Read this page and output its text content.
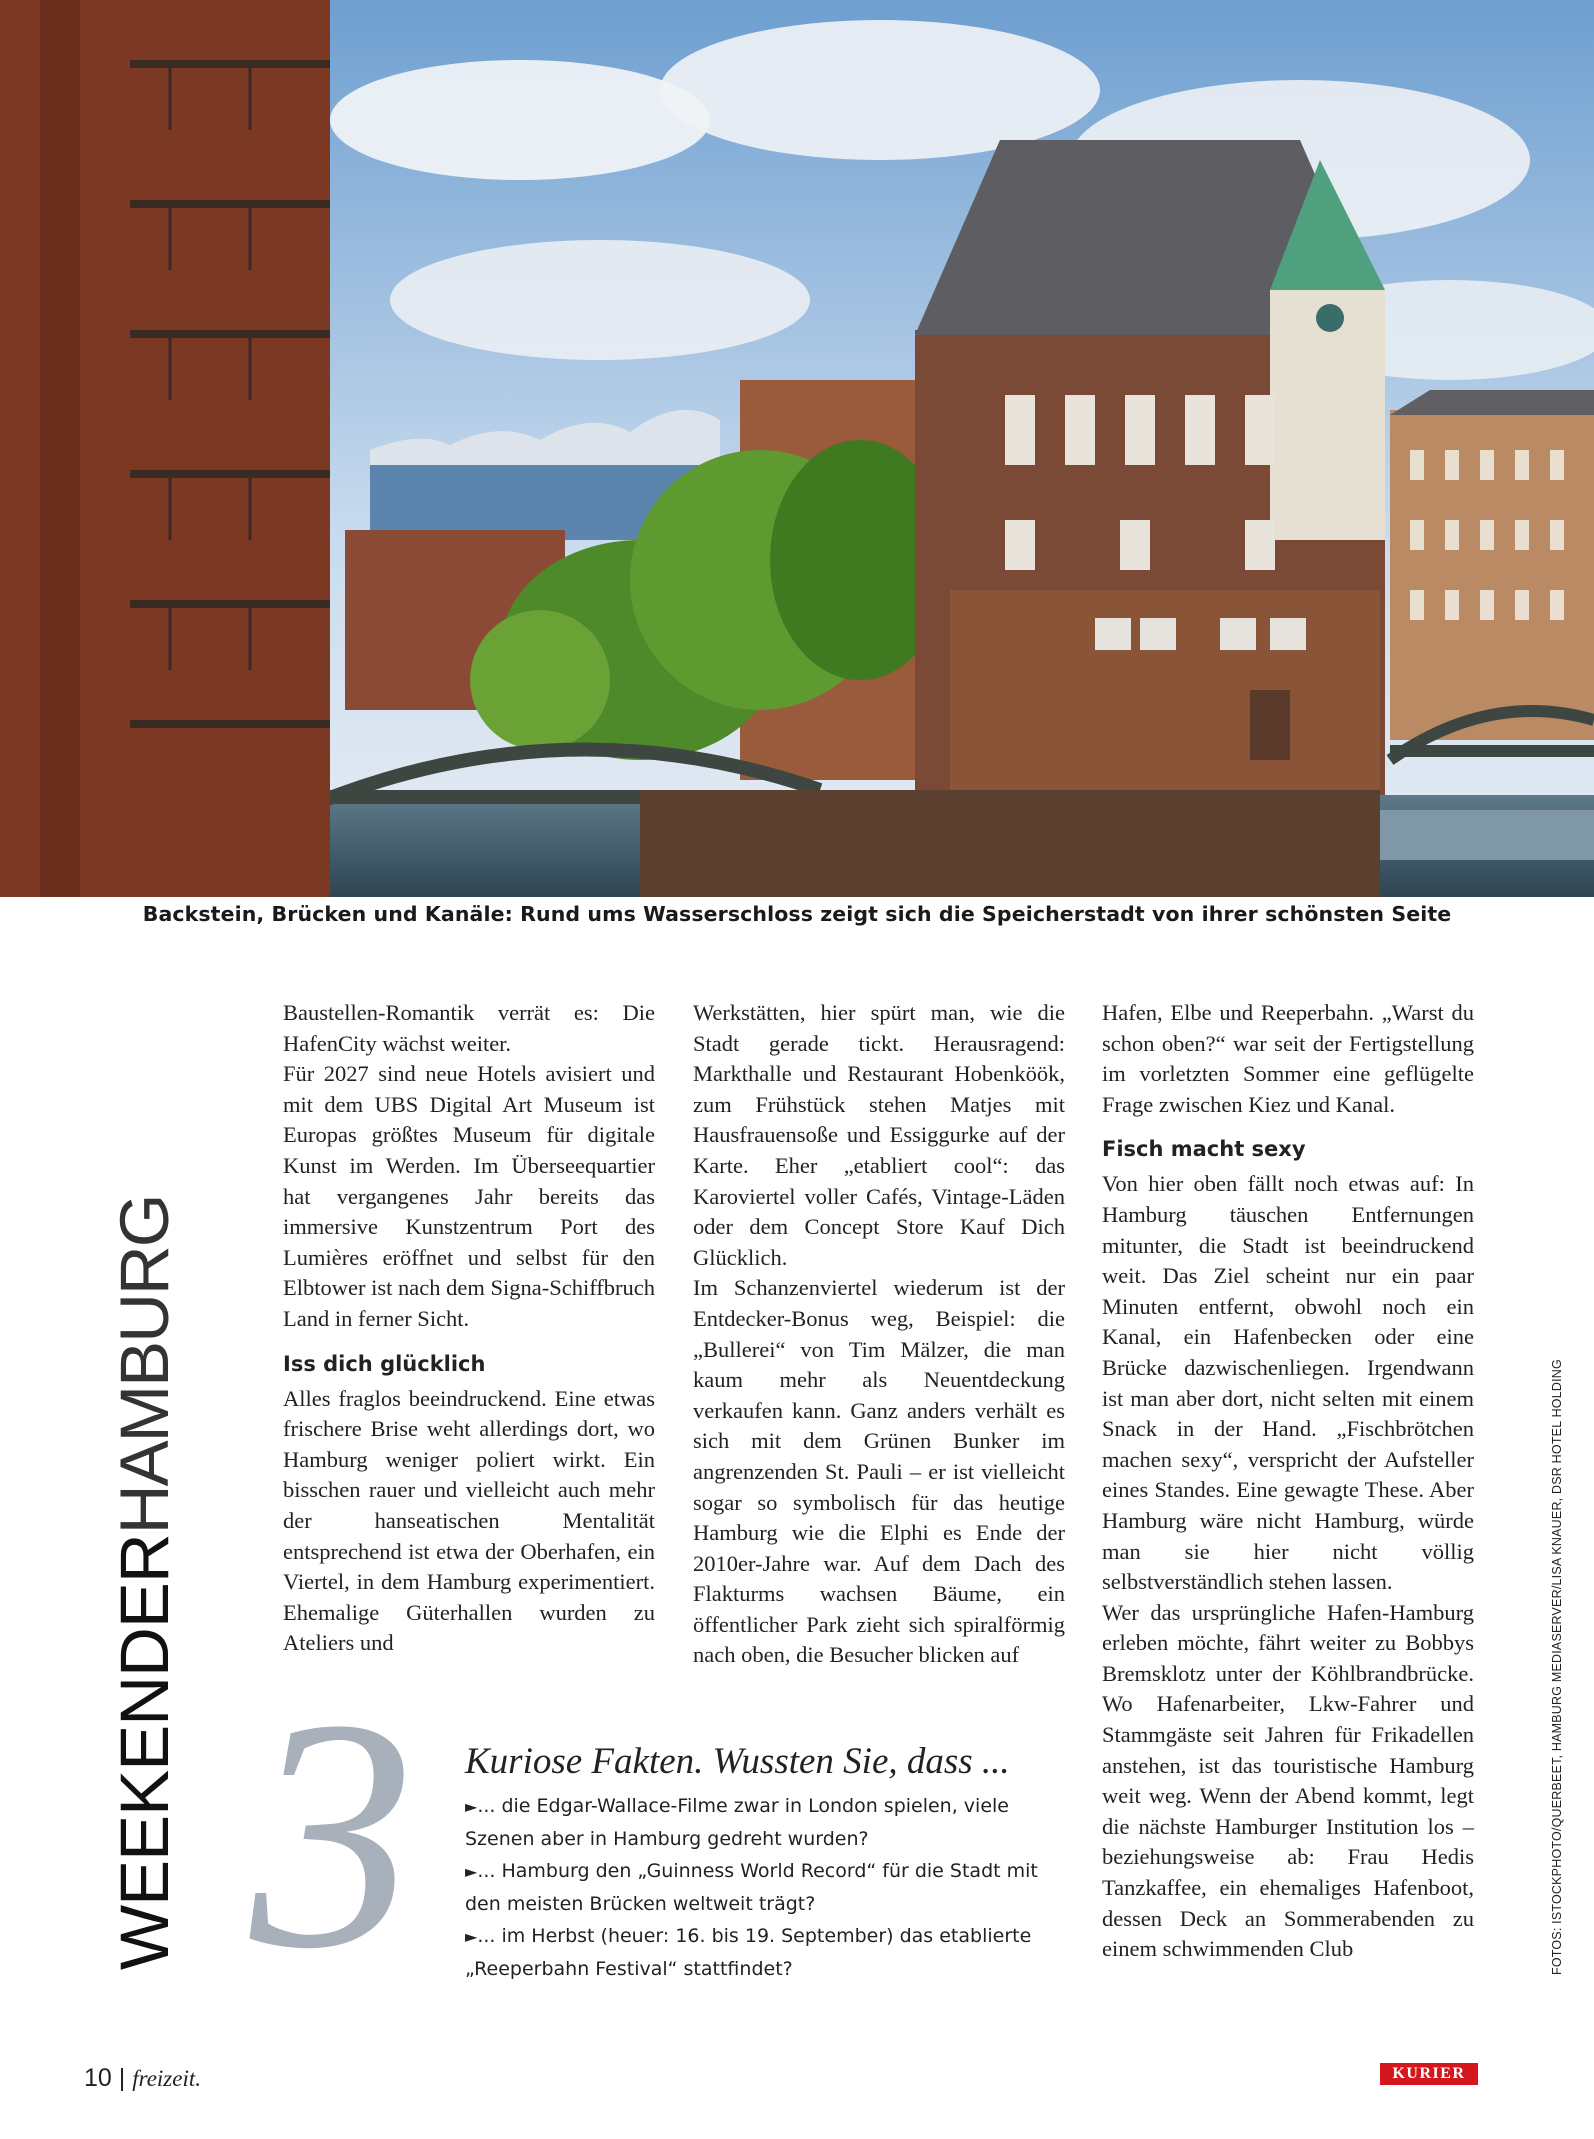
Backstein, Brücken und Kanäle: Rund ums Wasserschloss zeigt sich die Speicherstadt von ihrer schönsten Seite
WEEKENDERHAMBURG

Baustellen-Romantik verrät es: Die HafenCity wächst weiter.

Für 2027 sind neue Hotels avisiert und mit dem UBS Digital Art Museum ist Europas größtes Museum für digitale Kunst im Werden. Im Überseequartier hat vergangenes Jahr bereits das immersive Kunstzentrum Port des Lumières eröffnet und selbst für den Elbtower ist nach dem Signa-Schiffbruch Land in ferner Sicht.

Iss dich glücklich

Alles fraglos beeindruckend. Eine etwas frischere Brise weht allerdings dort, wo Hamburg weniger poliert wirkt. Ein bisschen rauer und vielleicht auch mehr der hanseatischen Mentalität entsprechend ist etwa der Oberhafen, ein Viertel, in dem Hamburg experimentiert. Ehemalige Güterhallen wurden zu Ateliers und

Werkstätten, hier spürt man, wie die Stadt gerade tickt. Herausragend: Markthalle und Restaurant Hobenköök, zum Frühstück stehen Matjes mit Hausfrauensoße und Essiggurke auf der Karte. Eher „etabliert cool“: das Karoviertel voller Cafés, Vintage-Läden oder dem Concept Store Kauf Dich Glücklich.

Im Schanzenviertel wiederum ist der Entdecker-Bonus weg, Beispiel: die „Bullerei“ von Tim Mälzer, die man kaum mehr als Neuentdeckung verkaufen kann. Ganz anders verhält es sich mit dem Grünen Bunker im angrenzenden St. Pauli – er ist vielleicht sogar so symbolisch für das heutige Hamburg wie die Elphi es Ende der 2010er-Jahre war. Auf dem Dach des Flakturms wachsen Bäume, ein öffentlicher Park zieht sich spiralförmig nach oben, die Besucher blicken auf

Hafen, Elbe und Reeperbahn. „Warst du schon oben?“ war seit der Fertigstellung im vorletzten Sommer eine geflügelte Frage zwischen Kiez und Kanal.

Fisch macht sexy

Von hier oben fällt noch etwas auf: In Hamburg täuschen Entfernungen mitunter, die Stadt ist beeindruckend weit. Das Ziel scheint nur ein paar Minuten entfernt, obwohl noch ein Kanal, ein Hafenbecken oder eine Brücke dazwischenliegen. Irgendwann ist man aber dort, nicht selten mit einem Snack in der Hand. „Fischbrötchen machen sexy“, verspricht der Aufsteller eines Standes. Eine gewagte These. Aber Hamburg wäre nicht Hamburg, würde man sie hier nicht völlig selbstverständlich stehen lassen.

Wer das ursprüngliche Hafen-Hamburg erleben möchte, fährt weiter zu Bobbys Bremsklotz unter der Köhlbrandbrücke. Wo Hafenarbeiter, Lkw-Fahrer und Stammgäste seit Jahren für Frikadellen anstehen, ist das touristische Hamburg weit weg. Wenn der Abend kommt, legt die nächste Hamburger Institution los – beziehungsweise ab: Frau Hedis Tanzkaffee, ein ehemaliges Hafenboot, dessen Deck an Sommerabenden zu einem schwimmenden Club

3 Kuriose Fakten. Wussten Sie, dass ...
►... die Edgar-Wallace-Filme zwar in London spielen, viele Szenen aber in Hamburg gedreht wurden?
►... Hamburg den „Guinness World Record“ für die Stadt mit den meisten Brücken weltweit trägt?
►... im Herbst (heuer: 16. bis 19. September) das etablierte „Reeperbahn Festival“ stattfindet?
10 | freizeit.
FOTOS: ISTOCKPHOTO/QUERBEET, HAMBURG MEDIASERVER/LISA KNAUER, DSR HOTEL HOLDING
KURIER
